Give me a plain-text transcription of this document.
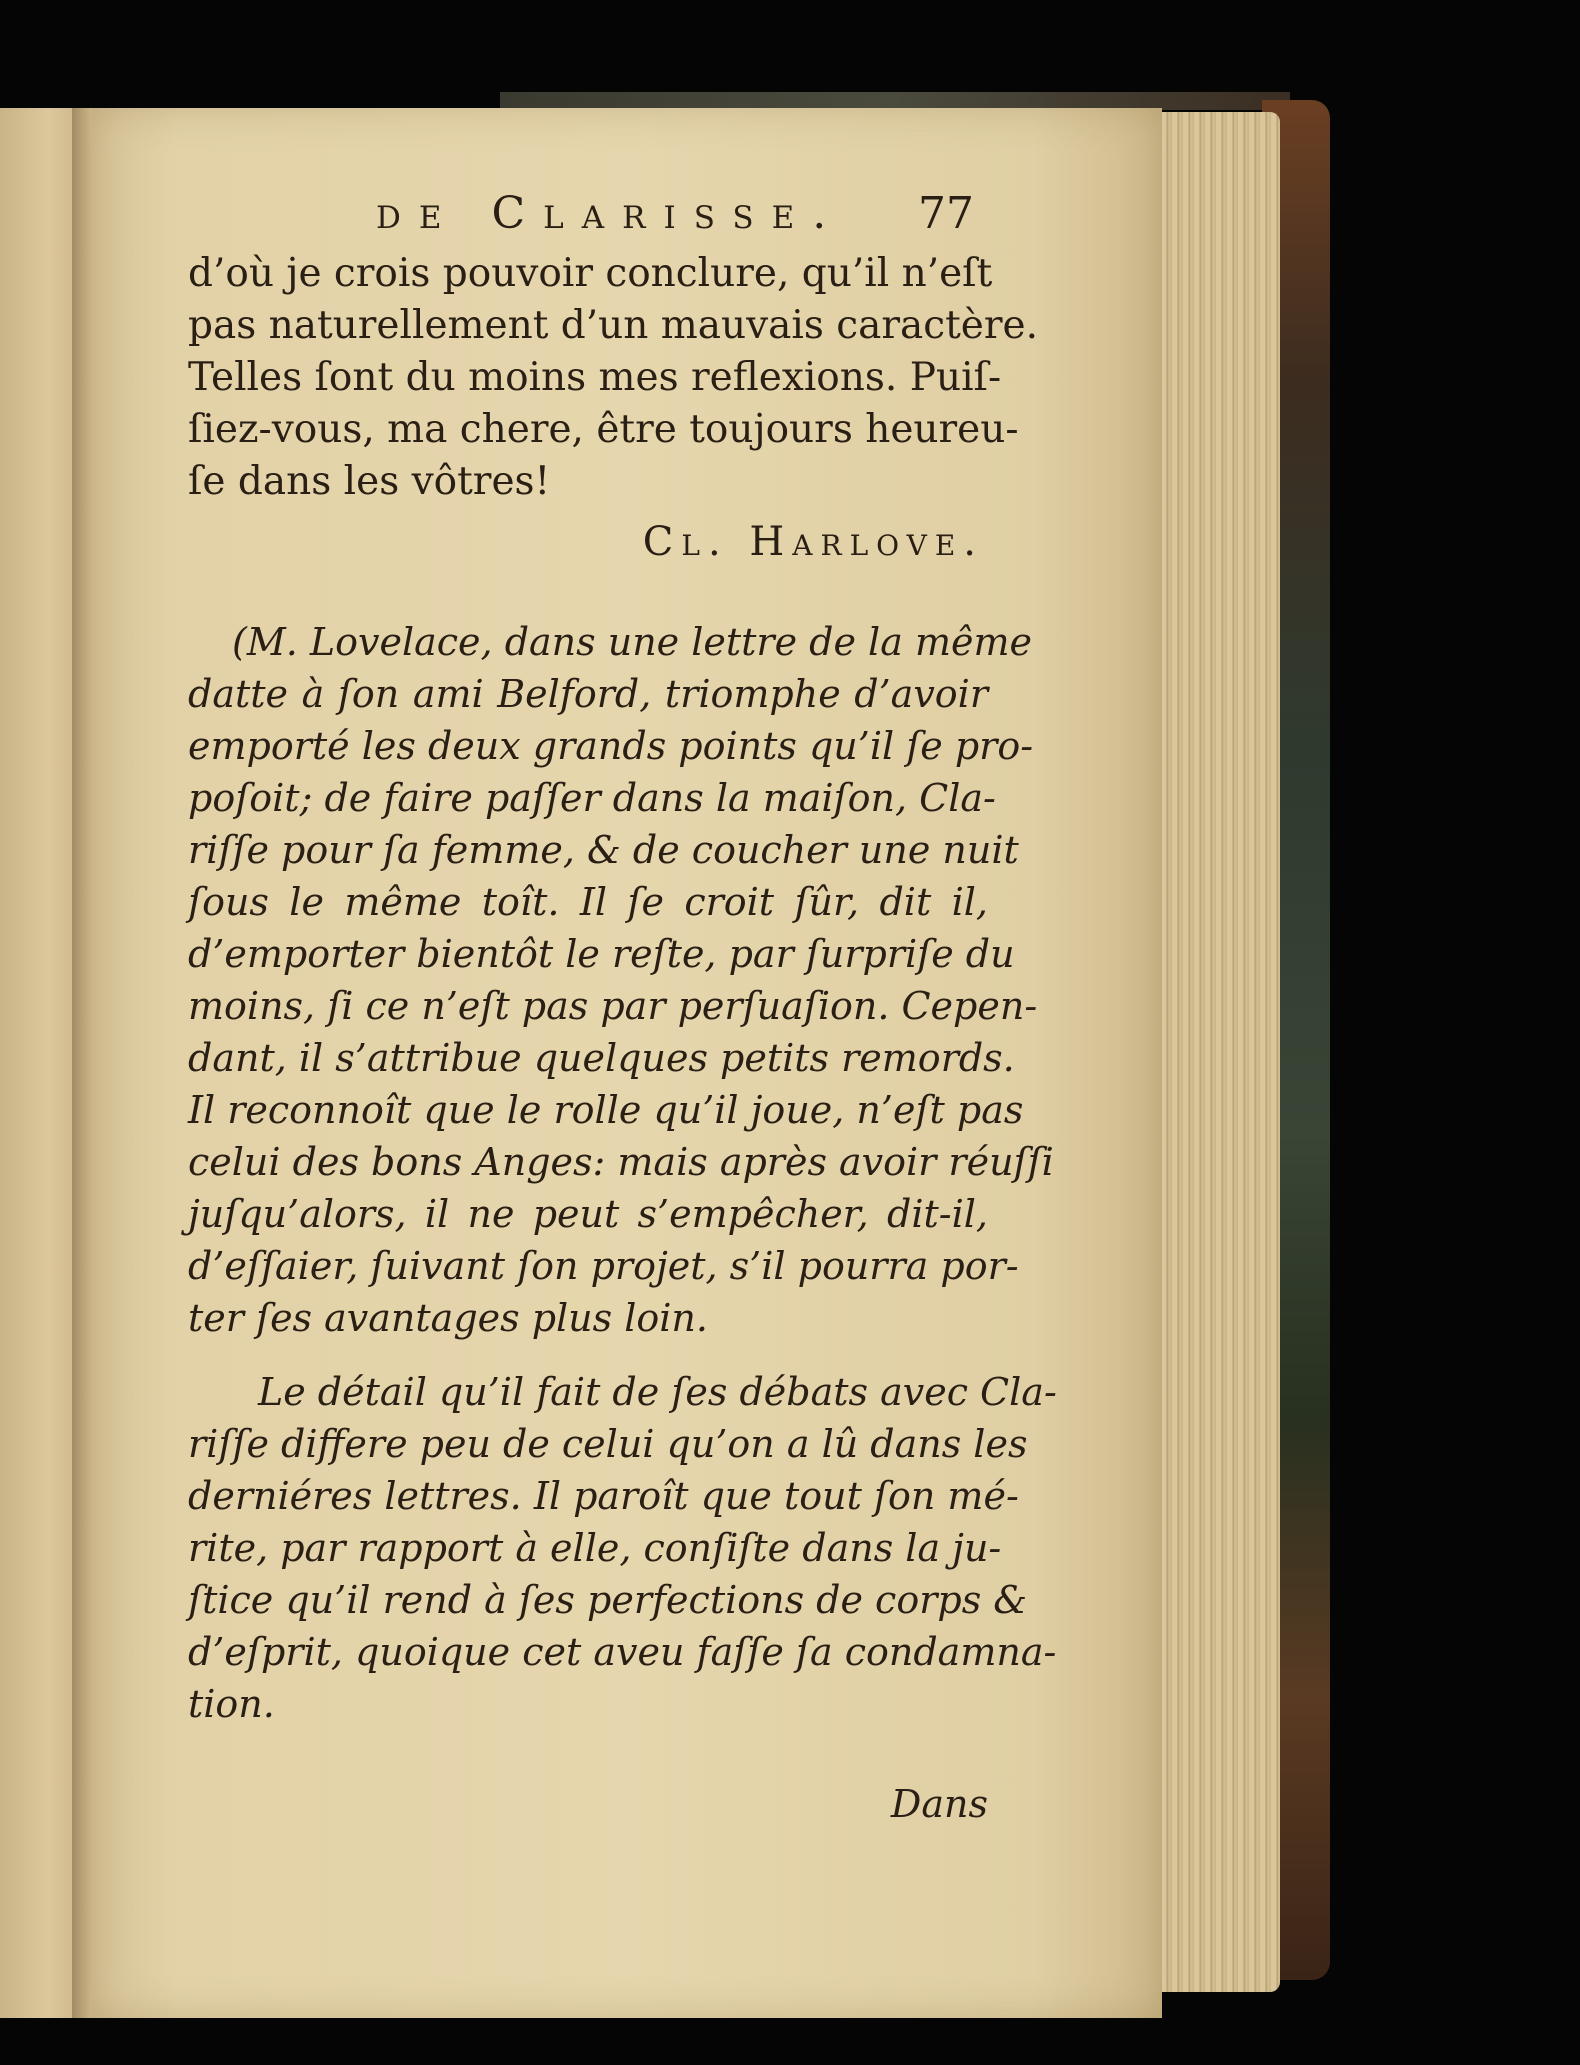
de Clarisse. 77
d’où je crois pouvoir conclure, qu’il n’eſt
pas naturellement d’un mauvais caractère.
Telles ſont du moins mes reflexions. Puiſ-
ſiez-vous, ma chere, être toujours heureu-
ſe dans les vôtres!
Cl. Harlove.
(M. Lovelace, dans une lettre de la même
datte à ſon ami Belford, triomphe d’avoir
emporté les deux grands points qu’il ſe pro-
poſoit; de faire paſſer dans la maiſon, Cla-
riſſe pour ſa femme, & de coucher une nuit
ſous le même toît. Il ſe croit ſûr, dit il,
d’emporter bientôt le reſte, par ſurpriſe du
moins, ſi ce n’eſt pas par perſuaſion. Cepen-
dant, il s’attribue quelques petits remords.
Il reconnoît que le rolle qu’il joue, n’eſt pas
celui des bons Anges: mais après avoir réuſſi
juſqu’alors, il ne peut s’empêcher, dit-il,
d’eſſaier, ſuivant ſon projet, s’il pourra por-
ter ſes avantages plus loin.
Le détail qu’il fait de ſes débats avec Cla-
riſſe differe peu de celui qu’on a lû dans les
derniéres lettres. Il paroît que tout ſon mé-
rite, par rapport à elle, conſiſte dans la ju-
ſtice qu’il rend à ſes perfections de corps &
d’eſprit, quoique cet aveu faſſe ſa condamna-
tion.
Dans
